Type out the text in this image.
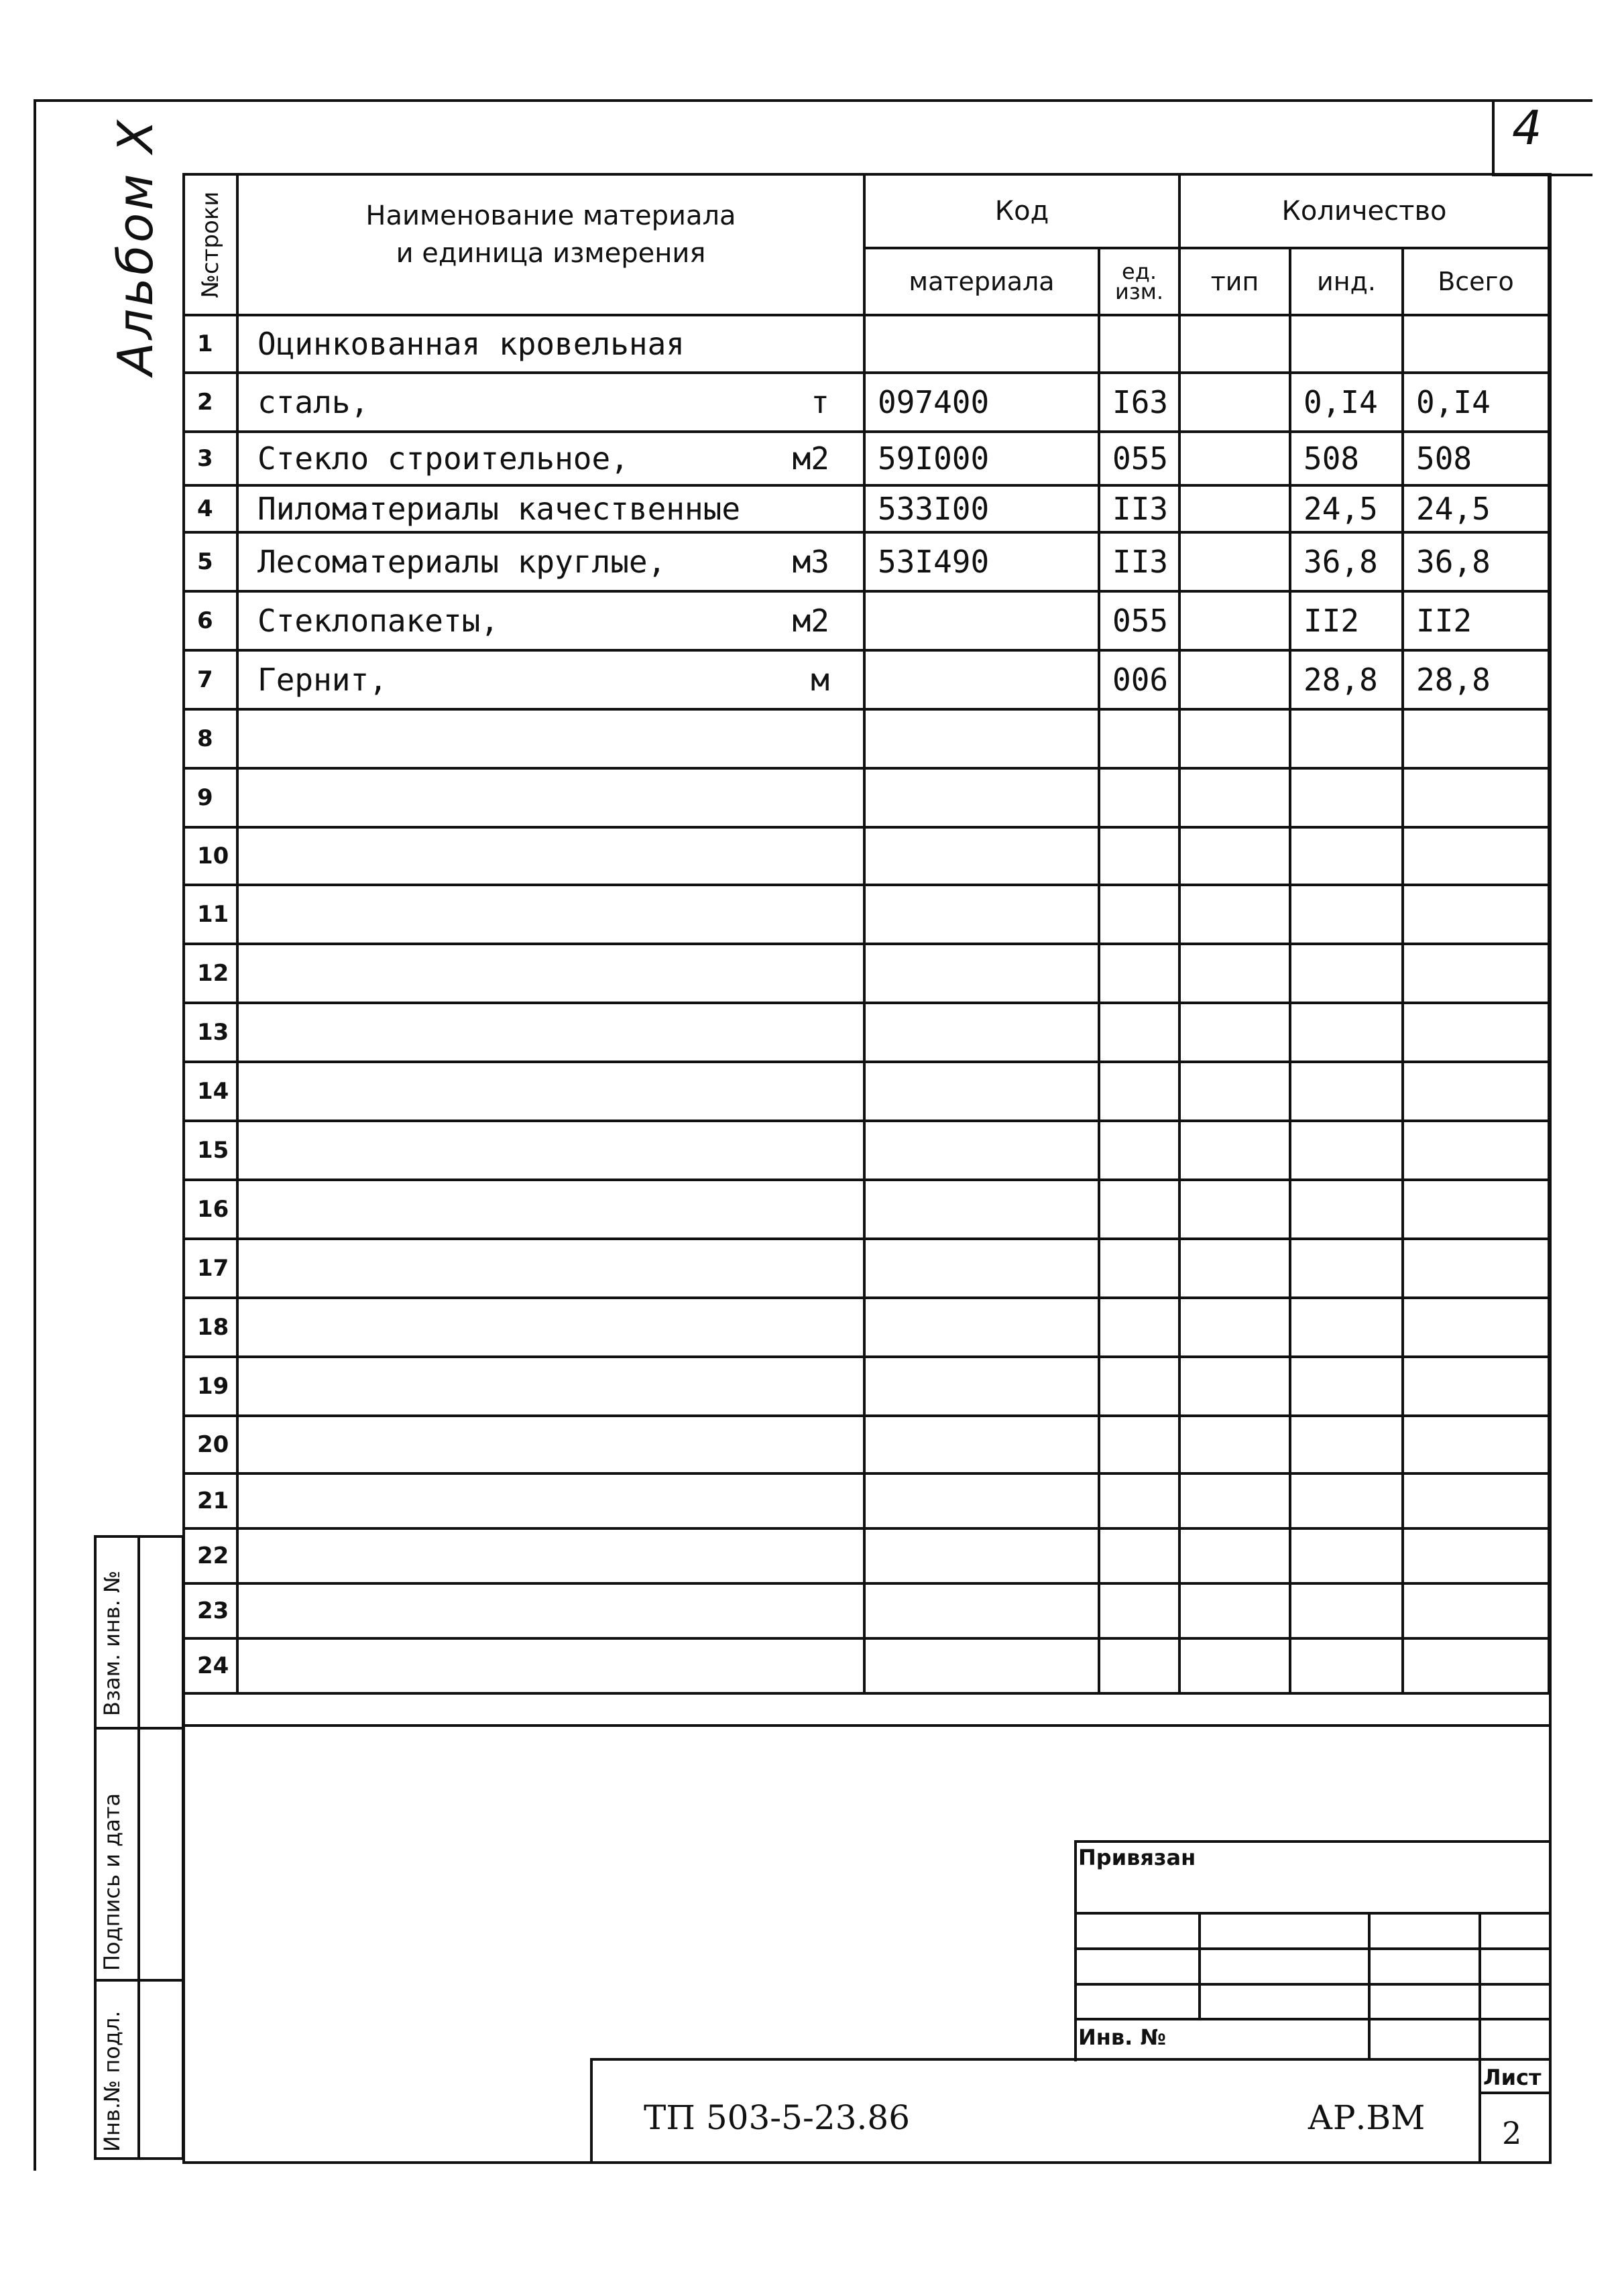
4
Альбом X №строки	Наименование материала
и единица измерения	Код		Количество		
		материала	ед. изм.	тип	инд.	Всего
1	Оцинкованная кровельная

2	сталь, т	097400	I63		0,I4	0,I4
3	Стекло строительное, м2	59I000	055		508	508
4	Пиломатериалы качественные	533I00	II3		24,5	24,5
5	Лесоматериалы круглые, м3	53I490	II3		36,8	36,8
6	Стеклопакеты, м2		055		II2	II2
7	Гернит, м		006		28,8	28,8
8	

9	

10	

11	

12	

13	

14	

15	

16	

17	

18	

19	

20	

21	

22	

23	

24	

Взам. инв. №
Подпись и дата
Инв.№ подл.
Привязан
Инв. №
ТП 503-5-23.86	АР.ВМ
Лист
2
